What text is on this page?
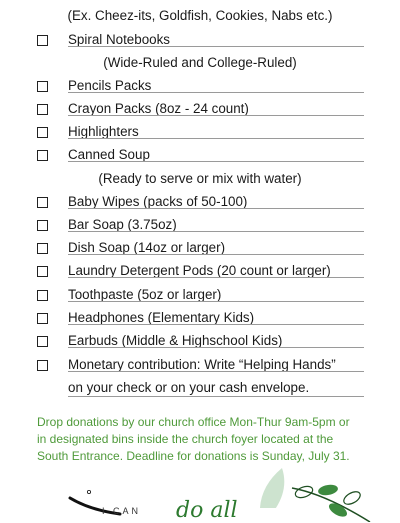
(Ex. Cheez-its, Goldfish, Cookies, Nabs etc.)
Spiral Notebooks
(Wide-Ruled and College-Ruled)
Pencils Packs
Crayon Packs (8oz - 24 count)
Highlighters
Canned Soup
(Ready to serve or mix with water)
Baby Wipes (packs of 50-100)
Bar Soap (3.75oz)
Dish Soap (14oz or larger)
Laundry Detergent Pods (20 count or larger)
Toothpaste (5oz or larger)
Headphones (Elementary Kids)
Earbuds (Middle & Highschool Kids)
Monetary contribution: Write “Helping Hands”
on your check or on your cash envelope.
Drop donations by our church office Mon-Thur 9am-5pm or
in designated bins inside the church foyer located at the
South Entrance. Deadline for donations is Sunday, July 31.
I CAN do all
